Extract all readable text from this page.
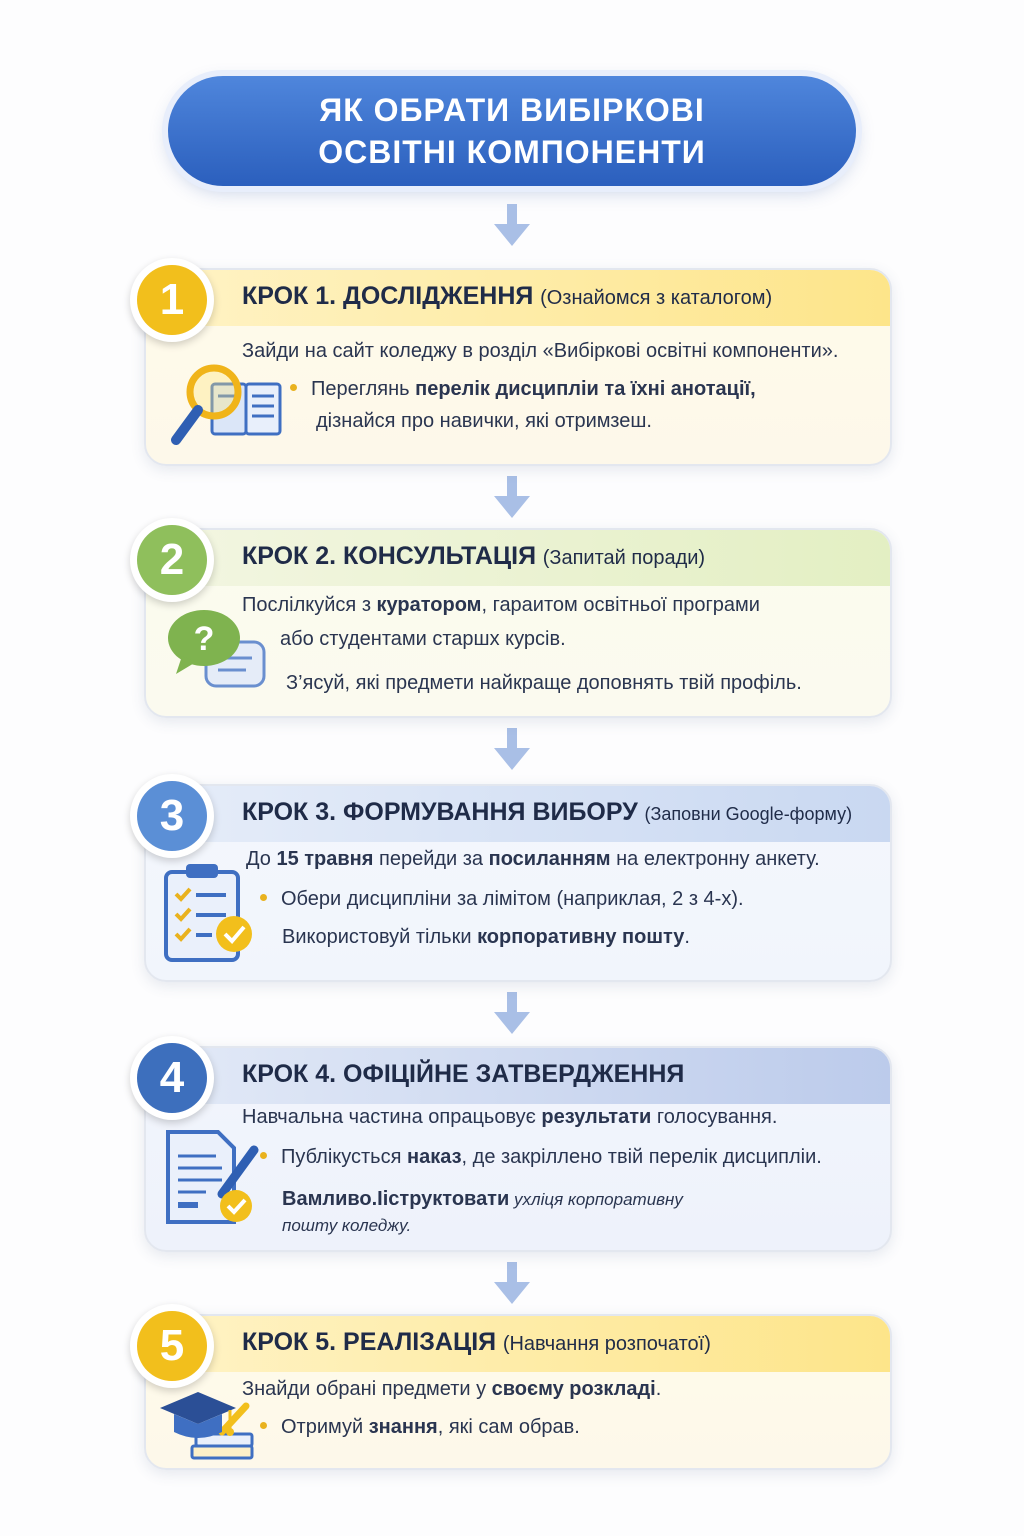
ЯК ОБРАТИ ВИБІРКОВІ
ОСВІТНІ КОМПОНЕНТИ
КРОК 1. ДОСЛІДЖЕННЯ (Ознайомся з каталогом)
1
Зайди на сайт коледжу в розділ «Вибіркові освітні компоненти».
Переглянь перелік дисципліи та їхні анотації,
дізнайся про навички, які отримзеш.
КРОК 2. КОНСУЛЬТАЦІЯ (Запитай поради)
2
?
Послілкуйся з куратором, гараитом освітньої програми
або студентами старшх курсів.
З’ясуй, які предмети найкраще доповнять твій профіль.
КРОК 3. ФОРМУВАННЯ ВИБОРУ (Заповни Google-форму)
3
До 15 травня перейди за посиланням на електронну анкету.
Обери дисципліни за лімітом (наприклая, 2 з 4-х).
Використовуй тільки корпоративну пошту.
КРОК 4. ОФІЦІЙНЕ ЗАТВЕРДЖЕННЯ
4
Навчальна частина опрацьовує результати голосування.
Публікусться наказ, де закріллено твій перелік дисципліи.
Вамливо.Ііструктовати ухліця корпоративну
пошту коледжу.
КРОК 5. РЕАЛІЗАЦІЯ (Навчання розпочатої)
5
Знайди обрані предмети у своєму розкладі.
Отримуй знання, які сам обрав.
